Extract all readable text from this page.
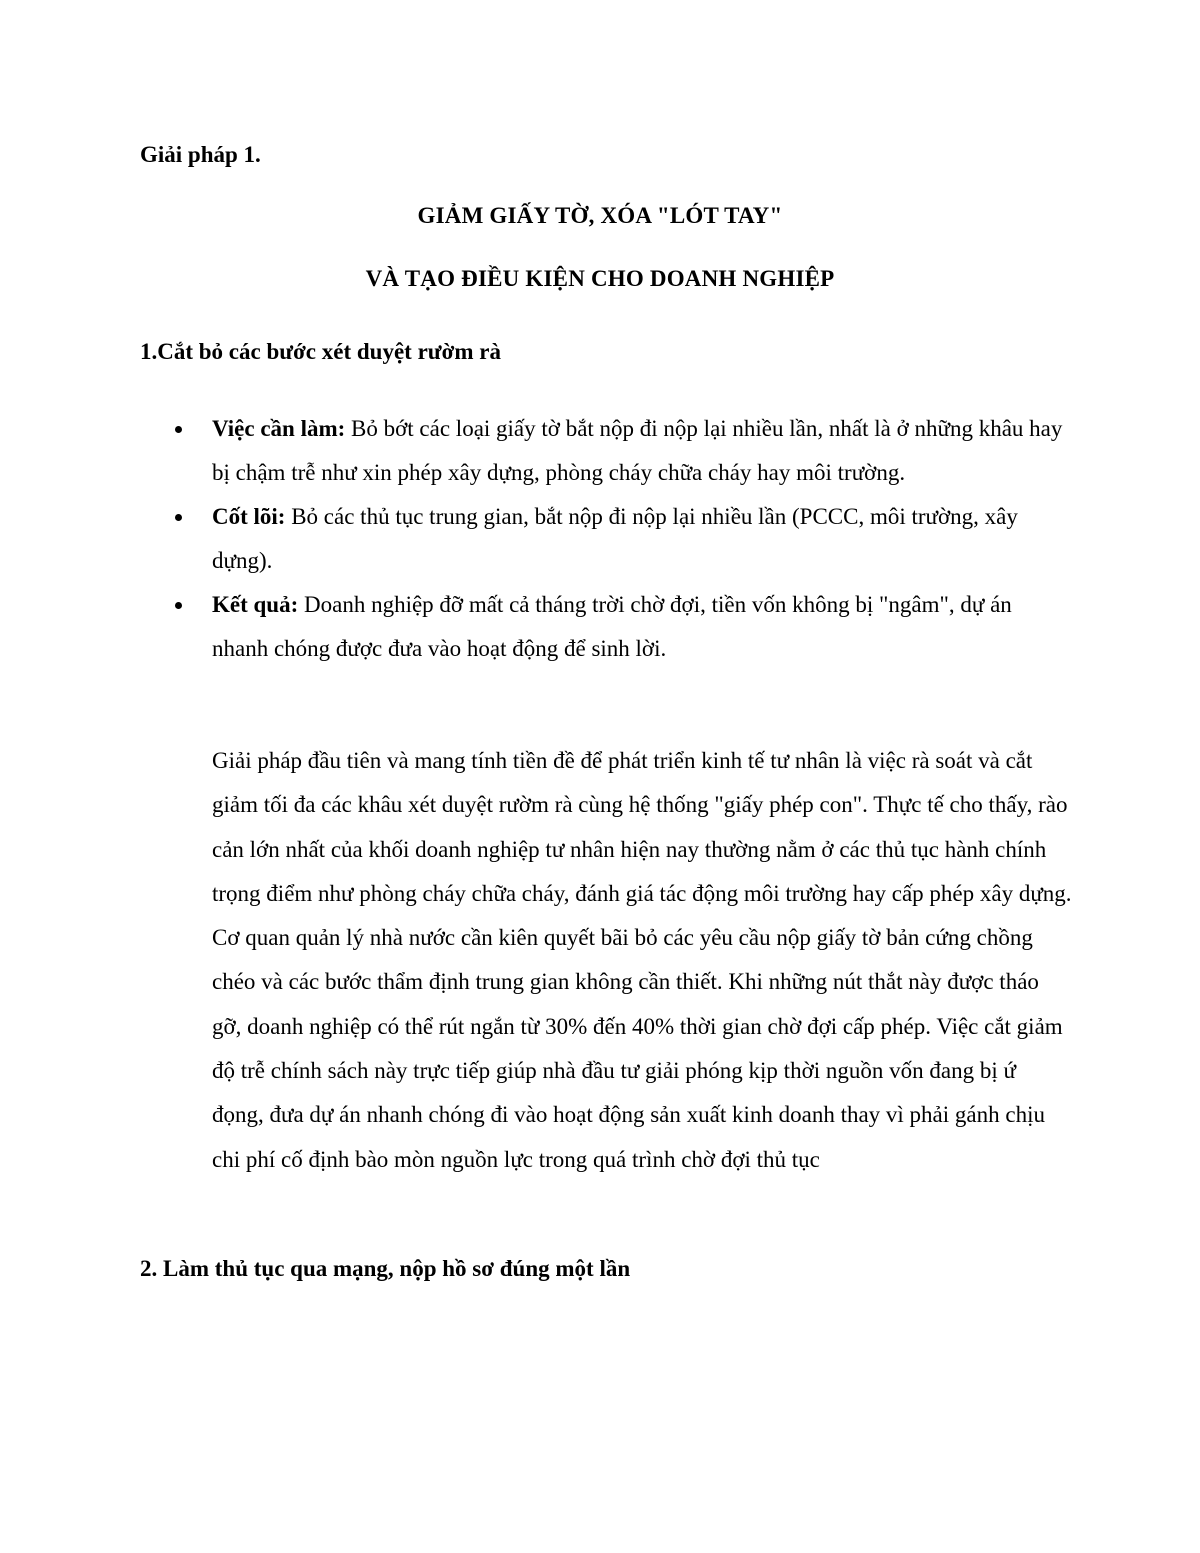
Giải pháp 1.

GIẢM GIẤY TỜ, XÓA "LÓT TAY"

VÀ TẠO ĐIỀU KIỆN CHO DOANH NGHIỆP

1.Cắt bỏ các bước xét duyệt rườm rà

Việc cần làm: Bỏ bớt các loại giấy tờ bắt nộp đi nộp lại nhiều lần, nhất là ở những khâu hay bị chậm trễ như xin phép xây dựng, phòng cháy chữa cháy hay môi trường.
Cốt lõi: Bỏ các thủ tục trung gian, bắt nộp đi nộp lại nhiều lần (PCCC, môi trường, xây dựng).
Kết quả: Doanh nghiệp đỡ mất cả tháng trời chờ đợi, tiền vốn không bị "ngâm", dự án nhanh chóng được đưa vào hoạt động để sinh lời.

Giải pháp đầu tiên và mang tính tiền đề để phát triển kinh tế tư nhân là việc rà soát và cắt giảm tối đa các khâu xét duyệt rườm rà cùng hệ thống "giấy phép con". Thực tế cho thấy, rào cản lớn nhất của khối doanh nghiệp tư nhân hiện nay thường nằm ở các thủ tục hành chính trọng điểm như phòng cháy chữa cháy, đánh giá tác động môi trường hay cấp phép xây dựng. Cơ quan quản lý nhà nước cần kiên quyết bãi bỏ các yêu cầu nộp giấy tờ bản cứng chồng chéo và các bước thẩm định trung gian không cần thiết. Khi những nút thắt này được tháo gỡ, doanh nghiệp có thể rút ngắn từ 30% đến 40% thời gian chờ đợi cấp phép. Việc cắt giảm độ trễ chính sách này trực tiếp giúp nhà đầu tư giải phóng kịp thời nguồn vốn đang bị ứ đọng, đưa dự án nhanh chóng đi vào hoạt động sản xuất kinh doanh thay vì phải gánh chịu chi phí cố định bào mòn nguồn lực trong quá trình chờ đợi thủ tục

2. Làm thủ tục qua mạng, nộp hồ sơ đúng một lần
